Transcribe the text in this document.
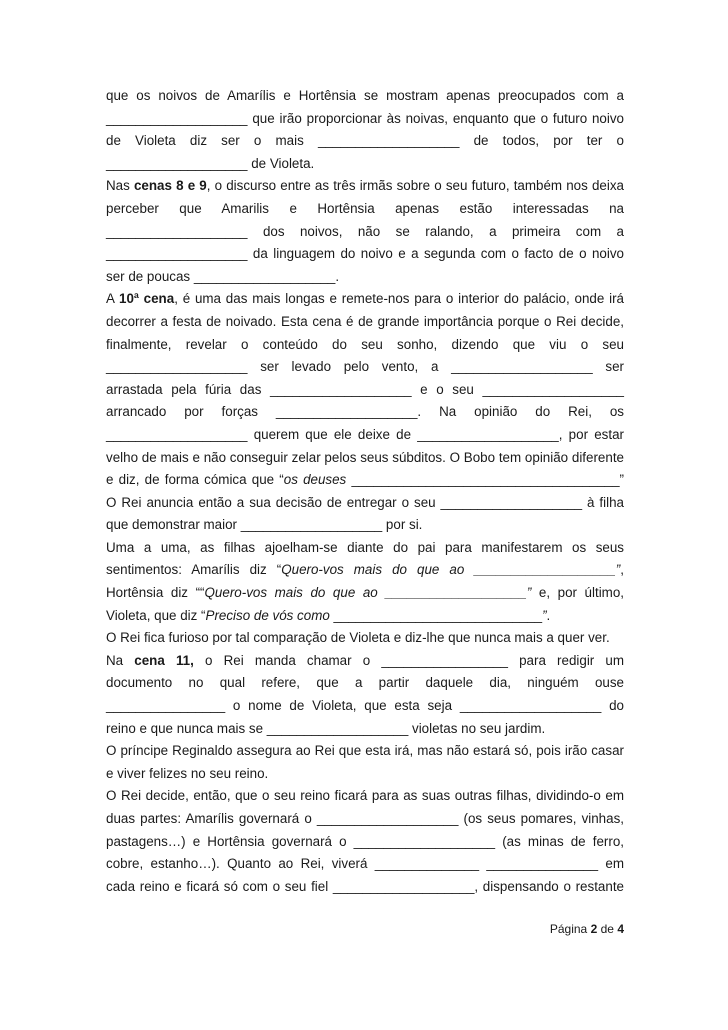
que os noivos de Amarílis e Hortênsia se mostram apenas preocupados com a
___________________ que irão proporcionar às noivas, enquanto que o futuro noivo
de Violeta diz ser o mais ___________________ de todos, por ter o
___________________ de Violeta.
Nas cenas 8 e 9, o discurso entre as três irmãs sobre o seu futuro, também nos deixa
perceber que Amarilis e Hortênsia apenas estão interessadas na
___________________ dos noivos, não se ralando, a primeira com a
___________________ da linguagem do noivo e a segunda com o facto de o noivo
ser de poucas ___________________.
A 10ª cena, é uma das mais longas e remete-nos para o interior do palácio, onde irá
decorrer a festa de noivado. Esta cena é de grande importância porque o Rei decide,
finalmente, revelar o conteúdo do seu sonho, dizendo que viu o seu
___________________ ser levado pelo vento, a ___________________ ser
arrastada pela fúria das ___________________ e o seu ___________________
arrancado por forças ___________________. Na opinião do Rei, os
___________________ querem que ele deixe de ___________________, por estar
velho de mais e não conseguir zelar pelos seus súbditos. O Bobo tem opinião diferente
e diz, de forma cómica que “os deuses ____________________________________”
O Rei anuncia então a sua decisão de entregar o seu ___________________ à filha
que demonstrar maior ___________________ por si.
Uma a uma, as filhas ajoelham-se diante do pai para manifestarem os seus
sentimentos: Amarílis diz “Quero-vos mais do que ao ___________________”,
Hortênsia diz ““Quero-vos mais do que ao ___________________” e, por último,
Violeta, que diz “Preciso de vós como ____________________________”.
O Rei fica furioso por tal comparação de Violeta e diz-lhe que nunca mais a quer ver.
Na cena 11, o Rei manda chamar o _________________ para redigir um
documento no qual refere, que a partir daquele dia, ninguém ouse
________________ o nome de Violeta, que esta seja ___________________ do
reino e que nunca mais se ___________________ violetas no seu jardim.
O príncipe Reginaldo assegura ao Rei que esta irá, mas não estará só, pois irão casar
e viver felizes no seu reino.
O Rei decide, então, que o seu reino ficará para as suas outras filhas, dividindo-o em
duas partes: Amarílis governará o ___________________ (os seus pomares, vinhas,
pastagens…) e Hortênsia governará o ___________________ (as minas de ferro,
cobre, estanho…). Quanto ao Rei, viverá ______________ _______________ em
cada reino e ficará só com o seu fiel ___________________, dispensando o restante
Página 2 de 4
